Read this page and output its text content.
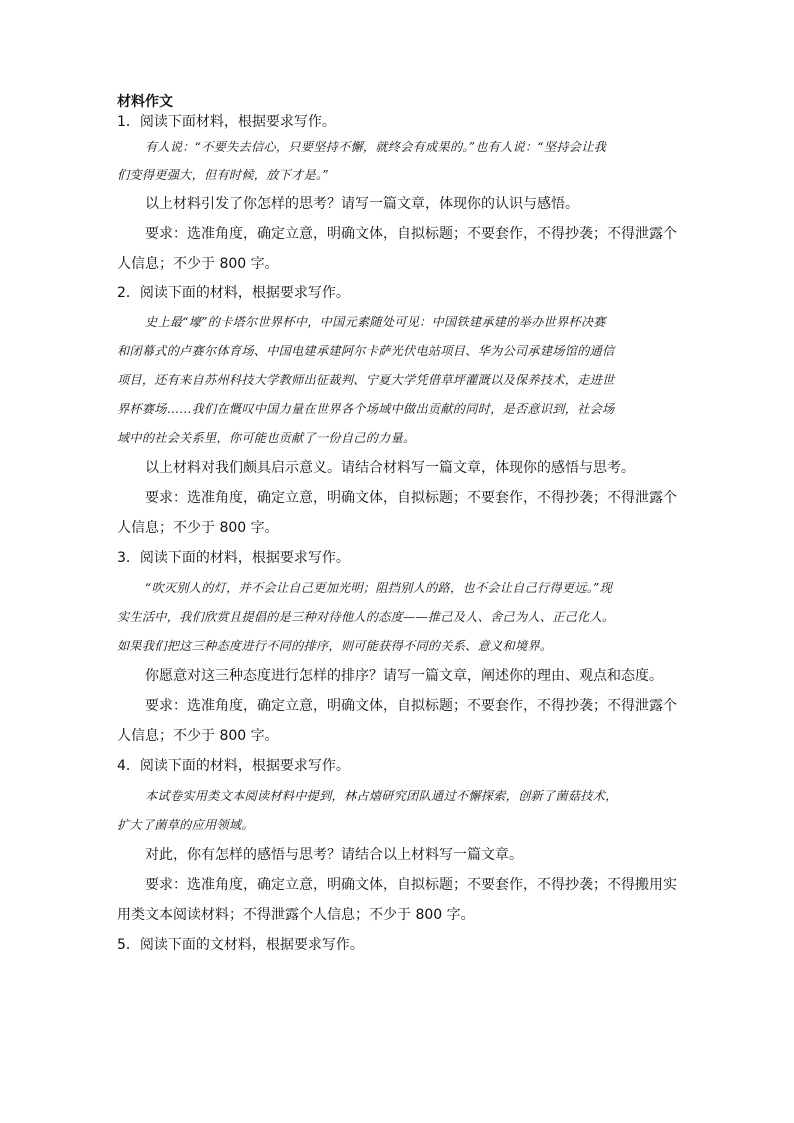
材料作文
1．阅读下面材料，根据要求写作。
有人说：“不要失去信心，只要坚持不懈，就终会有成果的。”也有人说：“坚持会让我
们变得更强大，但有时候，放下才是。”
以上材料引发了你怎样的思考？请写一篇文章，体现你的认识与感悟。
要求：选准角度，确定立意，明确文体，自拟标题；不要套作，不得抄袭；不得泄露个
人信息；不少于 800 字。
2．阅读下面的材料，根据要求写作。
史上最“壕”的卡塔尔世界杯中，中国元素随处可见：中国铁建承建的举办世界杯决赛
和闭幕式的卢赛尔体育场、中国电建承建阿尔卡萨光伏电站项目、华为公司承建场馆的通信
项目，还有来自苏州科技大学教师出征裁判、宁夏大学凭借草坪灌溉以及保养技术，走进世
界杯赛场……我们在慨叹中国力量在世界各个场域中做出贡献的同时，是否意识到，社会场
域中的社会关系里，你可能也贡献了一份自己的力量。
以上材料对我们颇具启示意义。请结合材料写一篇文章，体现你的感悟与思考。
要求：选准角度，确定立意，明确文体，自拟标题；不要套作，不得抄袭；不得泄露个
人信息；不少于 800 字。
3．阅读下面的材料，根据要求写作。
“吹灭别人的灯，并不会让自己更加光明；阻挡别人的路，也不会让自己行得更远。”现
实生活中，我们欣赏且提倡的是三种对待他人的态度——推己及人、舍己为人、正己化人。
如果我们把这三种态度进行不同的排序，则可能获得不同的关系、意义和境界。
你愿意对这三种态度进行怎样的排序？请写一篇文章，阐述你的理由、观点和态度。
要求：选准角度，确定立意，明确文体，自拟标题；不要套作，不得抄袭；不得泄露个
人信息；不少于 800 字。
4．阅读下面的材料，根据要求写作。
本试卷实用类文本阅读材料中提到，林占熺研究团队通过不懈探索，创新了菌菇技术，
扩大了菌草的应用领域。
对此，你有怎样的感悟与思考？请结合以上材料写一篇文章。
要求：选准角度，确定立意，明确文体，自拟标题；不要套作，不得抄袭；不得搬用实
用类文本阅读材料；不得泄露个人信息；不少于 800 字。
5．阅读下面的文材料，根据要求写作。
